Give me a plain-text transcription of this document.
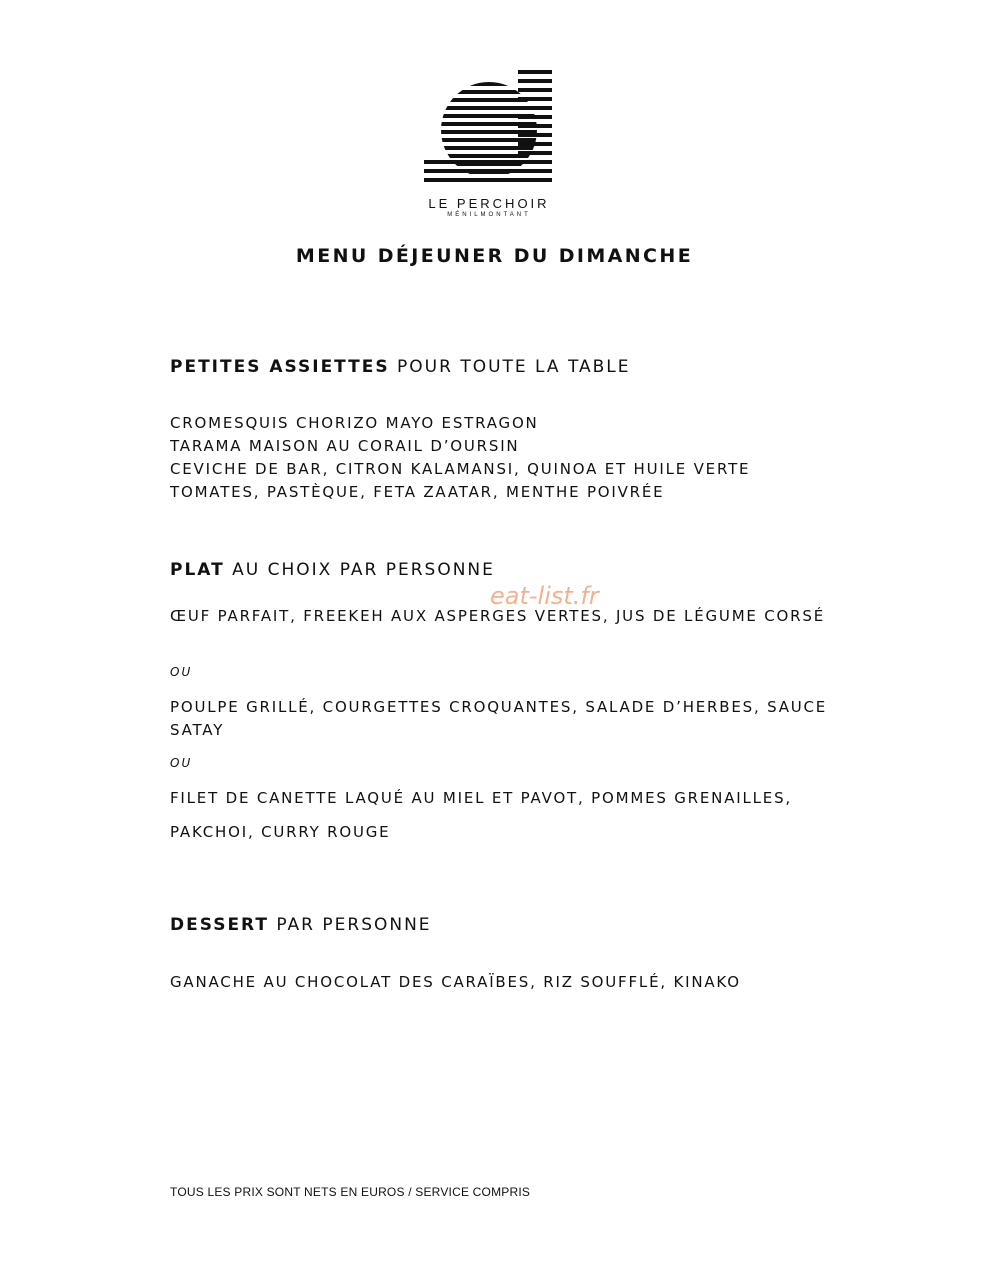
LE PERCHOIR
MÉNILMONTANT
MENU DÉJEUNER DU DIMANCHE
PETITES ASSIETTES POUR TOUTE LA TABLE
CROMESQUIS CHORIZO MAYO ESTRAGON
TARAMA MAISON AU CORAIL D’OURSIN
CEVICHE DE BAR, CITRON KALAMANSI, QUINOA ET HUILE VERTE
TOMATES, PASTÈQUE, FETA ZAATAR, MENTHE POIVRÉE
PLAT AU CHOIX PAR PERSONNE
eat-list.fr
ŒUF PARFAIT, FREEKEH AUX ASPERGES VERTES, JUS DE LÉGUME CORSÉ
OU
POULPE GRILLÉ, COURGETTES CROQUANTES, SALADE D’HERBES, SAUCE SATAY
OU
FILET DE CANETTE LAQUÉ AU MIEL ET PAVOT, POMMES GRENAILLES,
PAKCHOI, CURRY ROUGE
DESSERT PAR PERSONNE
GANACHE AU CHOCOLAT DES CARAÏBES, RIZ SOUFFLÉ, KINAKO
TOUS LES PRIX SONT NETS EN EUROS / SERVICE COMPRIS
